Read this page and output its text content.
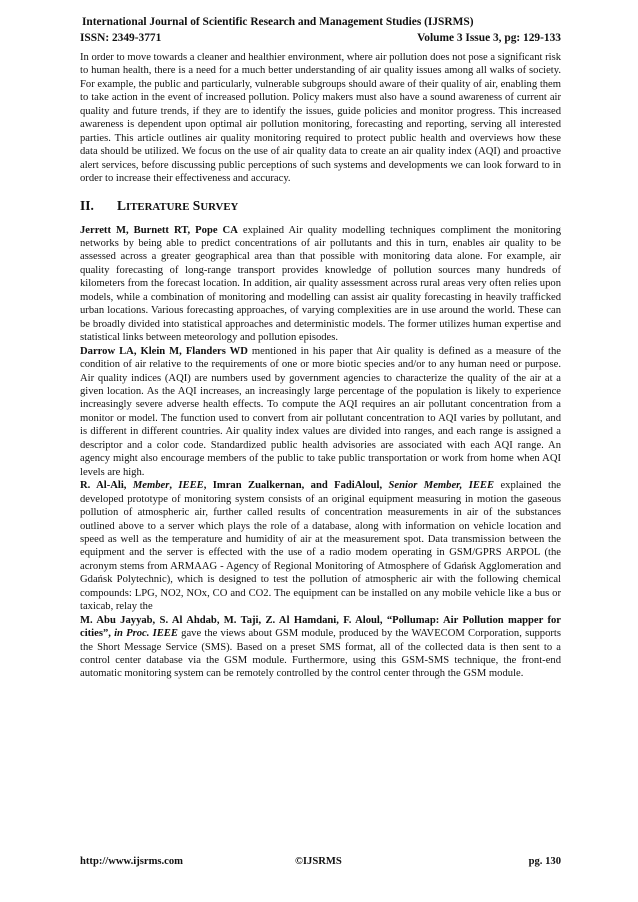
International Journal of Scientific Research and Management Studies (IJSRMS)
ISSN: 2349-3771	Volume 3 Issue 3, pg: 129-133

In order to move towards a cleaner and healthier environment, where air pollution does not pose a significant risk to human health, there is a need for a much better understanding of air quality issues among all walks of society. For example, the public and particularly, vulnerable subgroups should aware of their quality of air, enabling them to take action in the event of increased pollution. Policy makers must also have a sound awareness of current air quality and future trends, if they are to identify the issues, guide policies and monitor progress. This increased awareness is dependent upon optimal air pollution monitoring, forecasting and reporting, serving all interested parties. This article outlines air quality monitoring required to protect public health and overviews how these data should be utilized. We focus on the use of air quality data to create an air quality index (AQI) and proactive alert services, before discussing public perceptions of such systems and developments we can look forward to in order to increase their effectiveness and accuracy.

II. LITERATURE SURVEY

Jerrett M, Burnett RT, Pope CA explained Air quality modelling techniques compliment the monitoring networks by being able to predict concentrations of air pollutants and this in turn, enables air quality to be assessed across a greater geographical area than that possible with monitoring data alone. For example, air quality forecasting of long-range transport provides knowledge of pollution sources many hundreds of kilometers from the forecast location. In addition, air quality assessment across rural areas very often relies upon models, while a combination of monitoring and modelling can assist air quality forecasting in heavily trafficked urban locations. Various forecasting approaches, of varying complexities are in use around the world. These can be broadly divided into statistical approaches and deterministic models. The former utilizes human expertise and statistical links between meteorology and pollution episodes.

Darrow LA, Klein M, Flanders WD mentioned in his paper that Air quality is defined as a measure of the condition of air relative to the requirements of one or more biotic species and/or to any human need or purpose. Air quality indices (AQI) are numbers used by government agencies to characterize the quality of the air at a given location. As the AQI increases, an increasingly large percentage of the population is likely to experience increasingly severe adverse health effects. To compute the AQI requires an air pollutant concentration from a monitor or model. The function used to convert from air pollutant concentration to AQI varies by pollutant, and is different in different countries. Air quality index values are divided into ranges, and each range is assigned a descriptor and a color code. Standardized public health advisories are associated with each AQI range. An agency might also encourage members of the public to take public transportation or work from home when AQI levels are high.

R. Al-Ali, Member, IEEE, Imran Zualkernan, and FadiAloul, Senior Member, IEEE explained the developed prototype of monitoring system consists of an original equipment measuring in motion the gaseous pollution of atmospheric air, further called results of concentration measurements in air of the substances outlined above to a server which plays the role of a database, along with information on vehicle location and speed as well as the temperature and humidity of air at the measurement spot. Data transmission between the equipment and the server is effected with the use of a radio modem operating in GSM/GPRS ARPOL (the acronym stems from ARMAAG - Agency of Regional Monitoring of Atmosphere of Gdańsk Agglomeration and Gdańsk Polytechnic), which is designed to test the pollution of atmospheric air with the following chemical compounds: LPG, NO2, NOx, CO and CO2. The equipment can be installed on any mobile vehicle like a bus or taxicab, relay the

M. Abu Jayyab, S. Al Ahdab, M. Taji, Z. Al Hamdani, F. Aloul, “Pollumap: Air Pollution mapper for cities”, in Proc. IEEE gave the views about GSM module, produced by the WAVECOM Corporation, supports the Short Message Service (SMS). Based on a preset SMS format, all of the collected data is then sent to a control center database via the GSM module. Furthermore, using this GSM-SMS technique, the front-end automatic monitoring system can be remotely controlled by the control center through the GSM module.

http://www.ijsrms.com	©IJSRMS	pg. 130
